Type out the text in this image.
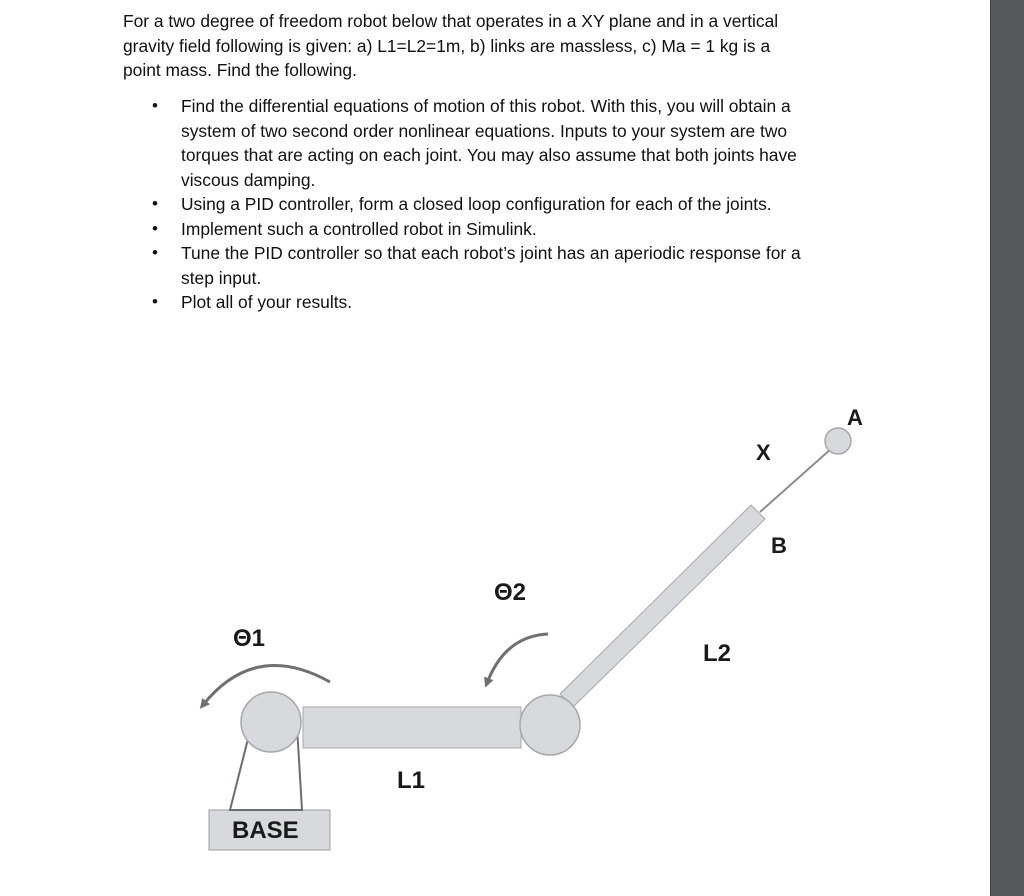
For a two degree of freedom robot below that operates in a XY plane and in a vertical
gravity field following is given: a) L1=L2=1m, b) links are massless, c) Ma = 1 kg is a
point mass. Find the following.

• Find the differential equations of motion of this robot. With this, you will obtain a
system of two second order nonlinear equations. Inputs to your system are two
torques that are acting on each joint. You may also assume that both joints have
viscous damping.
• Using a PID controller, form a closed loop configuration for each of the joints.
• Implement such a controlled robot in Simulink.
• Tune the PID controller so that each robot’s joint has an aperiodic response for a
step input.
• Plot all of your results.
Θ1
Θ2
L1
L2
BASE
A
B
X
